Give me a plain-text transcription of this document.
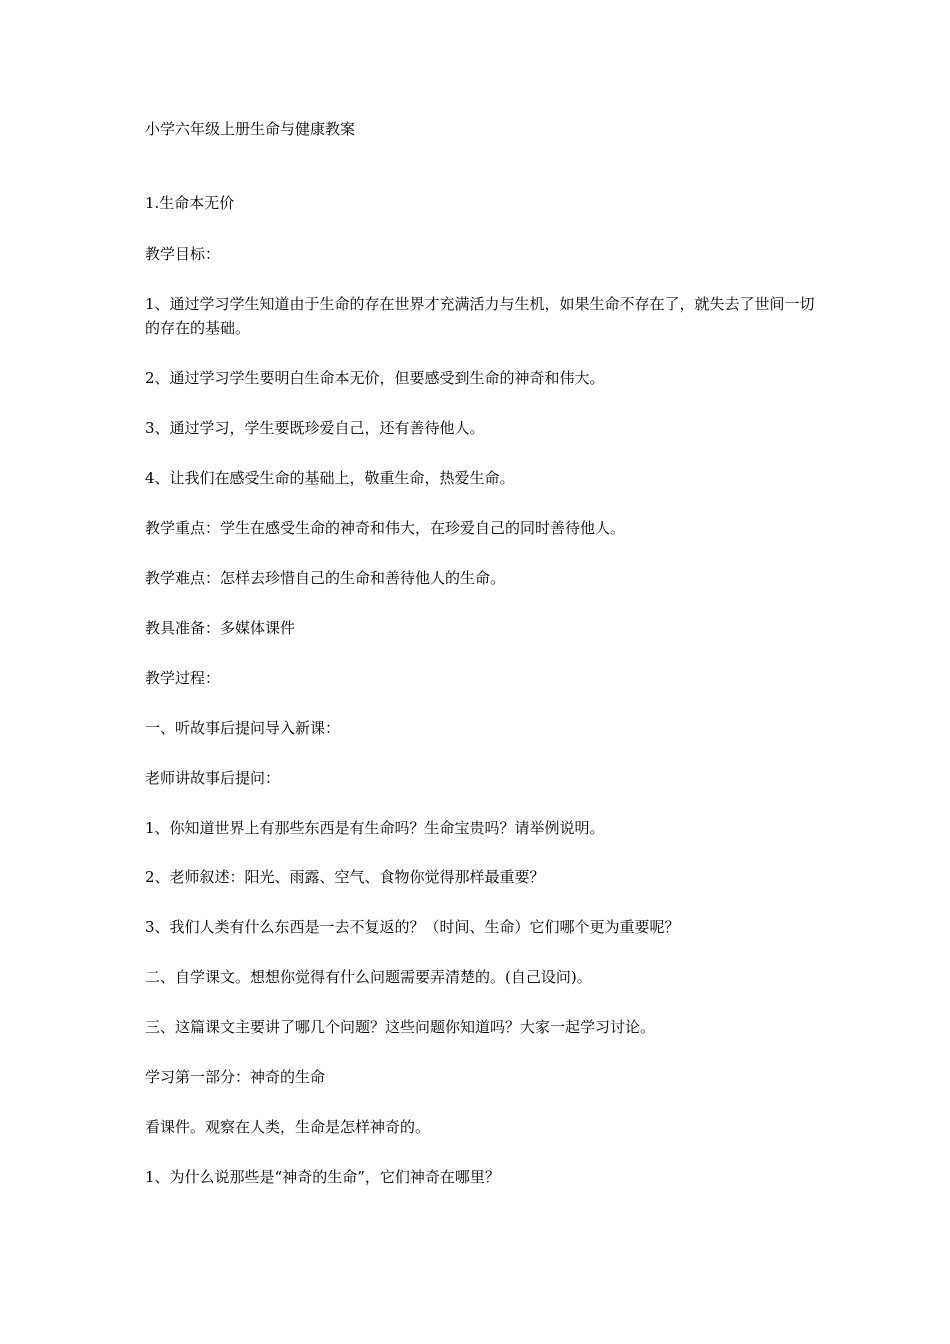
小学六年级上册生命与健康教案
1.生命本无价
教学目标：
1、通过学习学生知道由于生命的存在世界才充满活力与生机，如果生命不存在了，就失去了世间一切的存在的基础。
2、通过学习学生要明白生命本无价，但要感受到生命的神奇和伟大。
3、通过学习，学生要既珍爱自己，还有善待他人。
4、让我们在感受生命的基础上，敬重生命，热爱生命。
教学重点：学生在感受生命的神奇和伟大，在珍爱自己的同时善待他人。
教学难点：怎样去珍惜自己的生命和善待他人的生命。
教具准备：多媒体课件
教学过程：
一、听故事后提问导入新课：
老师讲故事后提问：
1、你知道世界上有那些东西是有生命吗？生命宝贵吗？请举例说明。
2、老师叙述：阳光、雨露、空气、食物你觉得那样最重要？
3、我们人类有什么东西是一去不复返的？（时间、生命）它们哪个更为重要呢？
二、自学课文。想想你觉得有什么问题需要弄清楚的。(自己设问)。
三、这篇课文主要讲了哪几个问题？这些问题你知道吗？大家一起学习讨论。
学习第一部分：神奇的生命
看课件。观察在人类，生命是怎样神奇的。
1、为什么说那些是“神奇的生命”，它们神奇在哪里？
